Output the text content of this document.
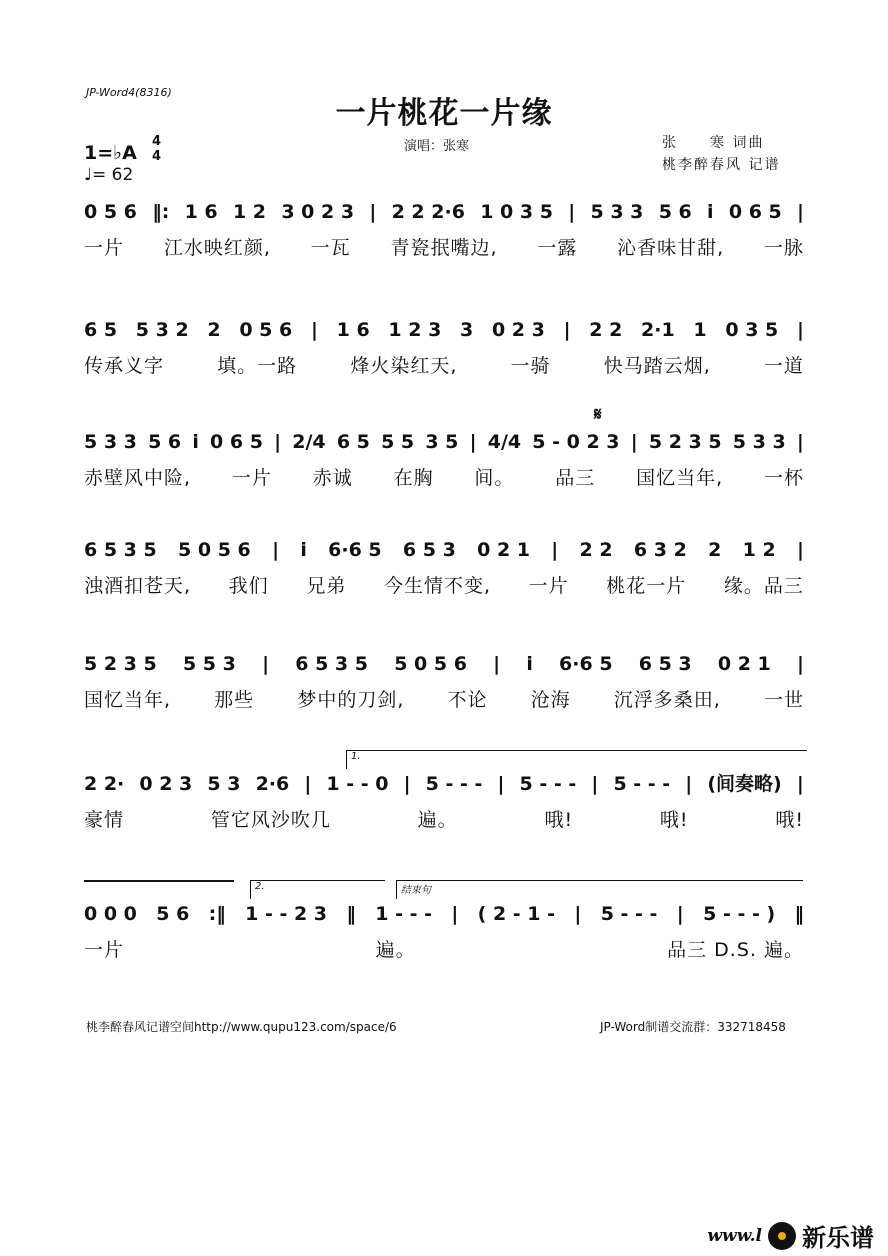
JP-Word4(8316)
一片桃花一片缘
1=♭A
4
4
♩= 62
演唱：张寒	张　　寒 词曲
桃李醉春风 记谱
𝄋
0 5 6 ‖: 1 6 1 2 3 0 2 3 | 2 2 2·6 1 0 3 5 | 5 3 3 5 6 i 0 6 5 |
一片 江水映红颜, 一瓦 青瓷抿嘴边, 一露 沁香味甘甜, 一脉
6 5 5 3 2 2 0 5 6 | 1 6 1 2 3 3 0 2 3 | 2 2 2·1 1 0 3 5 |
传承义字	填。一路	烽火染红天,	一骑	快马踏云烟,	一道
5 3 3 5 6 i 0 6 5 | 2/4 6 5 5 5 3 5 | 4/4 5 - 0 2 3 | 5 2 3 5 5 3 3 |
赤壁风中险, 一片 赤诚 在胸 间。 品三 国忆当年, 一杯
6 5 3 5 5 0 5 6 | i 6·6 5 6 5 3 0 2 1 | 2 2 6 3 2 2 1 2 |
浊酒扣苍天, 我们 兄弟 今生情不变, 一片 桃花一片 缘。品三
5 2 3 5 5 5 3 | 6 5 3 5 5 0 5 6 | i 6·6 5 6 5 3 0 2 1 |
国忆当年, 那些 梦中的刀剑, 不论 沧海 沉浮多桑田, 一世
2 2· 0 2 3 5 3 2·6 | 1 - - 0 | 5 - - - | 5 - - - | 5 - - - | (间奏略) |
豪情	管它风沙吹几	遍。	哦!	哦!	哦!
1.
0 0 0 5 6 :‖ 1 - - 2 3 ‖ 1 - - - | ( 2 - 1 - | 5 - - - | 5 - - - ) ‖
一片	遍。	品三 D.S. 遍。
2.	结束句
桃李醉春风记谱空间http://www.qupu123.com/space/6	JP-Word制谱交流群：332718458
www.l 新乐谱
